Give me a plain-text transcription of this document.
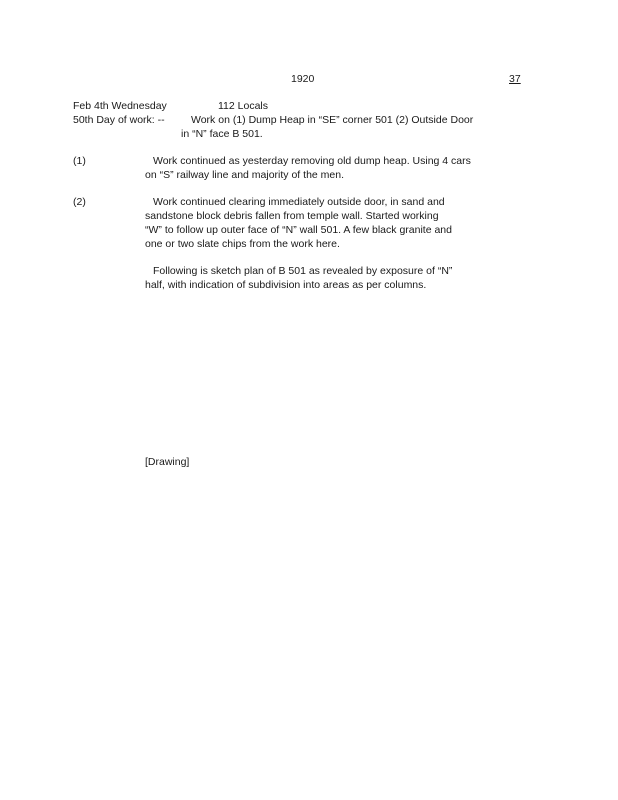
1920	37
Feb 4th Wednesday	112 Locals
50th Day of work: --	Work on (1) Dump Heap in “SE” corner 501 (2) Outside Door
in “N” face B 501.
(1)	Work continued as yesterday removing old dump heap. Using 4 cars
on “S” railway line and majority of the men.
(2)	Work continued clearing immediately outside door, in sand and
sandstone block debris fallen from temple wall. Started working
“W” to follow up outer face of “N” wall 501. A few black granite and
one or two slate chips from the work here.
Following is sketch plan of B 501 as revealed by exposure of “N”
half, with indication of subdivision into areas as per columns.
[Drawing]
